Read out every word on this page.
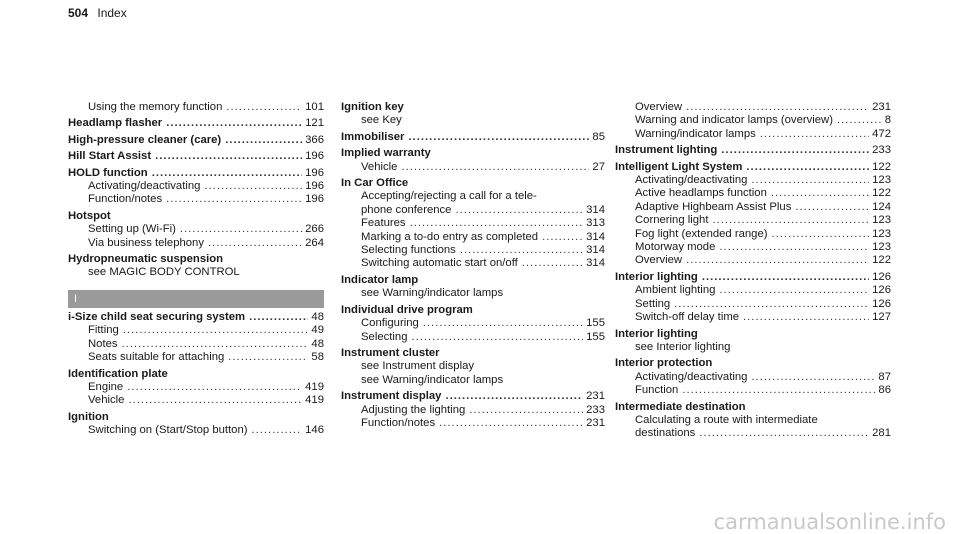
504 Index
Using the memory function .....	101
Headlamp flasher .....	121
High-pressure cleaner (care) .....	366
Hill Start Assist .....	196
HOLD function .....	196
Activating/deactivating .....	196
Function/notes .....	196
Hotspot
Setting up (Wi-Fi) .....	266
Via business telephony .....	264
Hydropneumatic suspension
see MAGIC BODY CONTROL
I
i-Size child seat securing system .....	48
Fitting .....	49
Notes .....	48
Seats suitable for attaching .....	58
Identification plate
Engine .....	419
Vehicle .....	419
Ignition
Switching on (Start/Stop button) .....	146
Ignition key
see Key
Immobiliser .....	85
Implied warranty
Vehicle .....	27
In Car Office
Accepting/rejecting a call for a tele-
phone conference .....	314
Features .....	313
Marking a to-do entry as completed .....	314
Selecting functions .....	314
Switching automatic start on/off .....	314
Indicator lamp
see Warning/indicator lamps
Individual drive program
Configuring .....	155
Selecting .....	155
Instrument cluster
see Instrument display
see Warning/indicator lamps
Instrument display .....	231
Adjusting the lighting .....	233
Function/notes .....	231
Overview .....	231
Warning and indicator lamps (overview) .....	8
Warning/indicator lamps .....	472
Instrument lighting .....	233
Intelligent Light System .....	122
Activating/deactivating .....	123
Active headlamps function .....	122
Adaptive Highbeam Assist Plus .....	124
Cornering light .....	123
Fog light (extended range) .....	123
Motorway mode .....	123
Overview .....	122
Interior lighting .....	126
Ambient lighting .....	126
Setting .....	126
Switch-off delay time .....	127
Interior lighting
see Interior lighting
Interior protection
Activating/deactivating .....	87
Function .....	86
Intermediate destination
Calculating a route with intermediate
destinations .....	281
carmanualsonline.info
